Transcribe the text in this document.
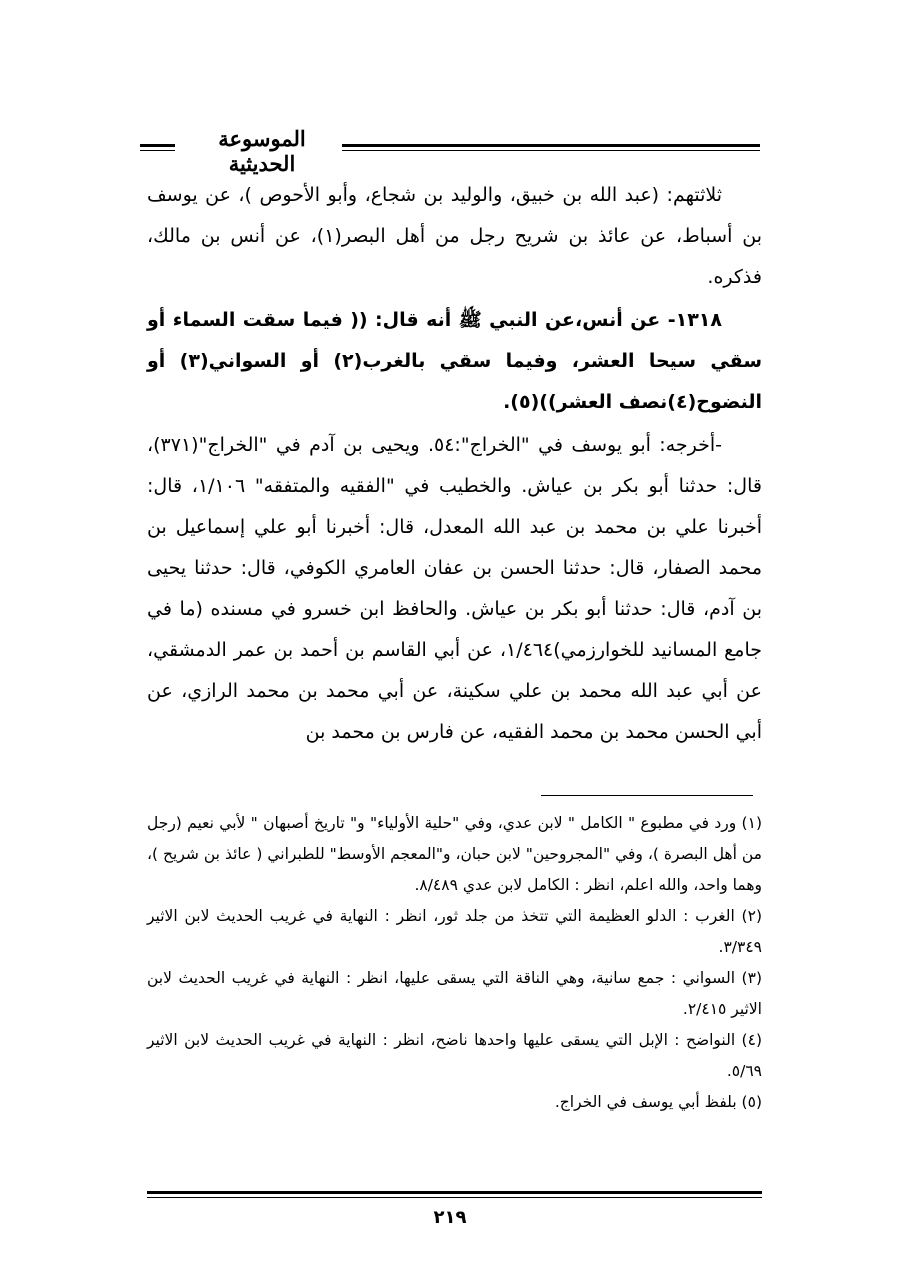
الموسوعة الحديثية

ثلاثتهم: (عبد الله بن خبيق، والوليد بن شجاع، وأبو الأحوص )، عن يوسف بن أسباط، عن عائذ بن شريح رجل من أهل البصر(١)، عن أنس بن مالك، فذكره.

١٣١٨- عن أنس،عن النبي ﷺ أنه قال: (( فيما سقت السماء أو سقي سيحا العشر، وفيما سقي بالغرب(٢) أو السواني(٣) أو النضوح(٤)نصف العشر))(٥).

-أخرجه: أبو يوسف في "الخراج":٥٤. ويحيى بن آدم في "الخراج"(٣٧١)، قال: حدثنا أبو بكر بن عياش. والخطيب في "الفقيه والمتفقه" ١/١٠٦، قال: أخبرنا علي بن محمد بن عبد الله المعدل، قال: أخبرنا أبو علي إسماعيل بن محمد الصفار، قال: حدثنا الحسن بن عفان العامري الكوفي، قال: حدثنا يحيى بن آدم، قال: حدثنا أبو بكر بن عياش. والحافظ ابن خسرو في مسنده (ما في جامع المسانيد للخوارزمي)١/٤٦٤، عن أبي القاسم بن أحمد بن عمر الدمشقي، عن أبي عبد الله محمد بن علي سكينة، عن أبي محمد بن محمد الرازي، عن أبي الحسن محمد بن محمد الفقيه، عن فارس بن محمد بن

(١) ورد في مطبوع " الكامل " لابن عدي، وفي "حلية الأولياء" و" تاريخ أصبهان " لأبي نعيم (رجل من أهل البصرة )، وفي "المجروحين" لابن حبان، و"المعجم الأوسط" للطبراني ( عائذ بن شريح )، وهما واحد، والله اعلم، انظر : الكامل لابن عدي ٨/٤٨٩.

(٢) الغرب : الدلو العظيمة التي تتخذ من جلد ثور، انظر : النهاية في غريب الحديث لابن الاثير ٣/٣٤٩.

(٣) السواني : جمع سانية، وهي الناقة التي يسقى عليها، انظر : النهاية في غريب الحديث لابن الاثير ٢/٤١٥.

(٤) النواضح : الإبل التي يسقى عليها واحدها ناضح، انظر : النهاية في غريب الحديث لابن الاثير ٥/٦٩.

(٥) بلفظ أبي يوسف في الخراج.

٢١٩
